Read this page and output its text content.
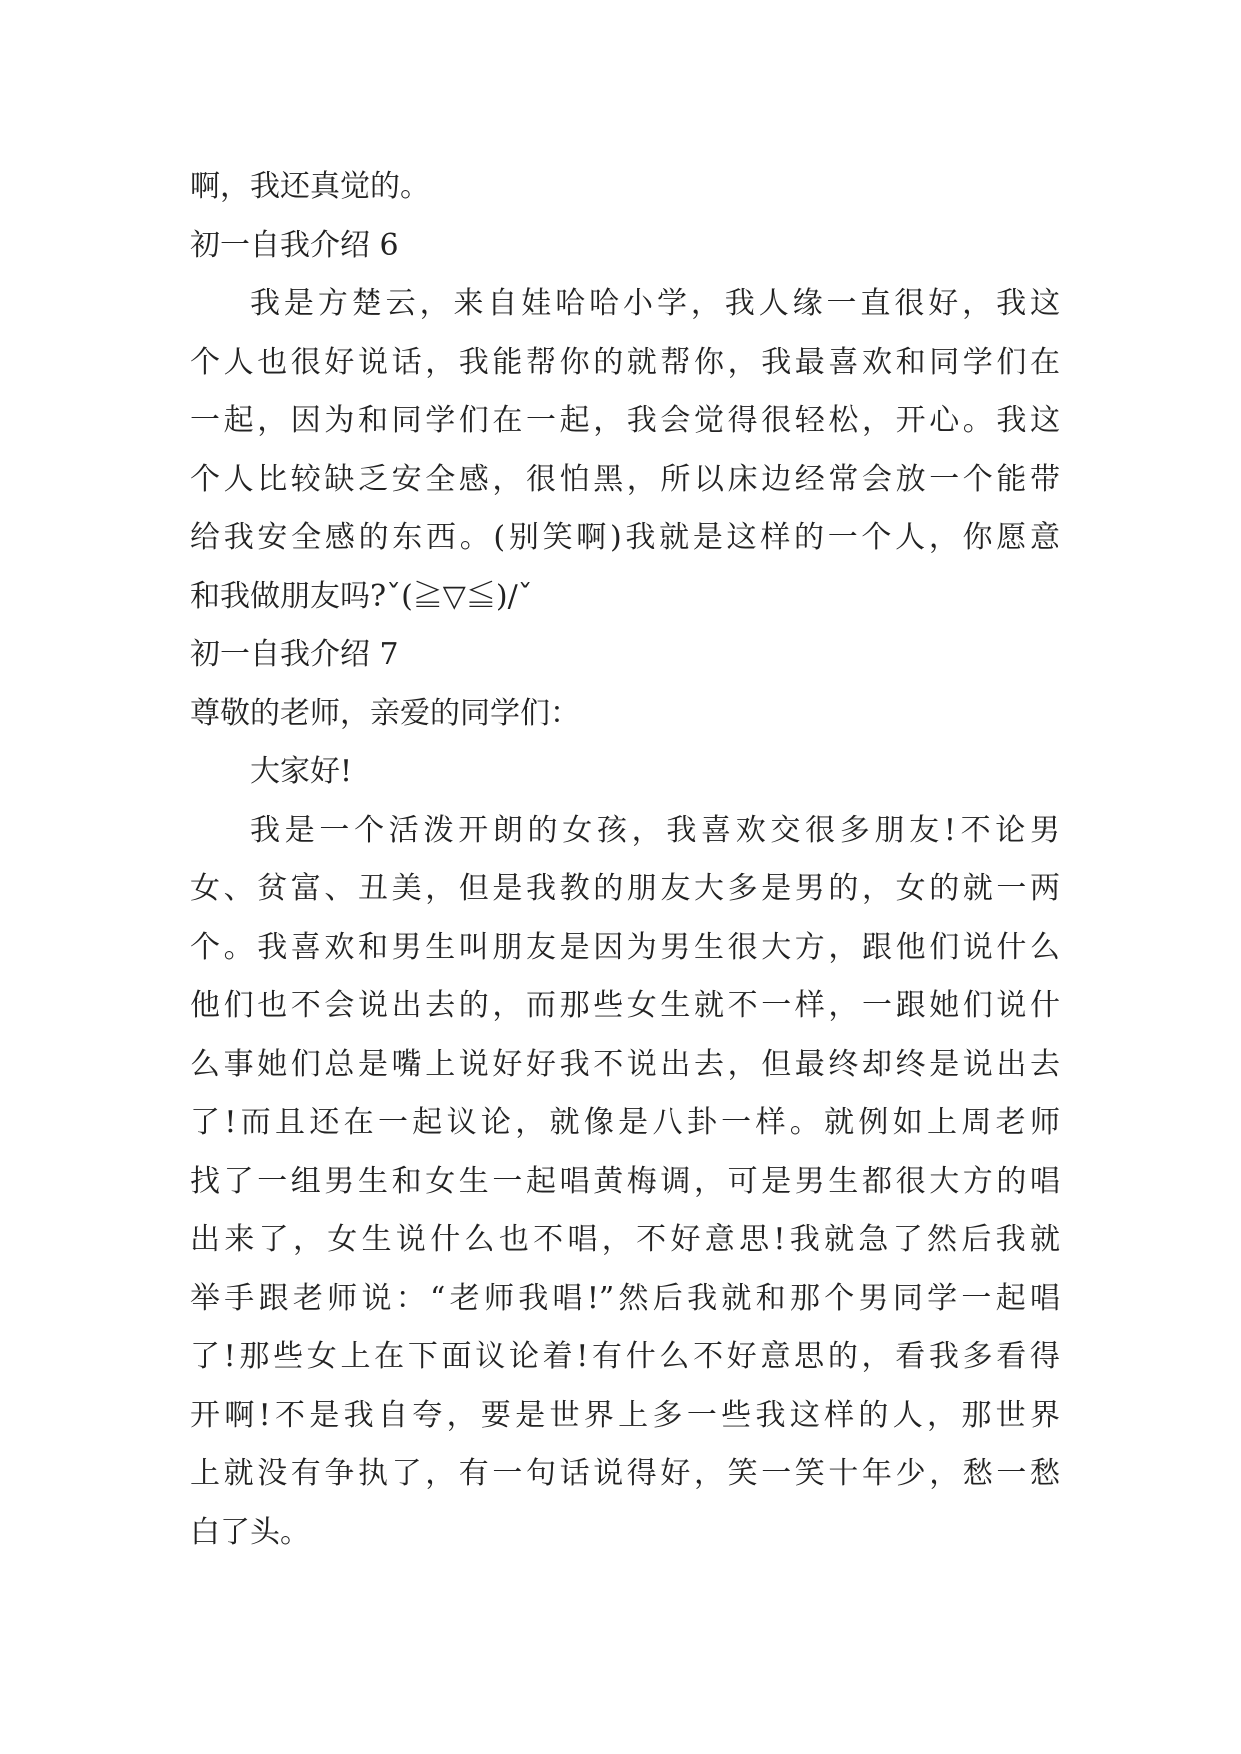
啊，我还真觉的。

初一自我介绍 6

我是方楚云，来自娃哈哈小学，我人缘一直很好，我这

个人也很好说话，我能帮你的就帮你，我最喜欢和同学们在

一起，因为和同学们在一起，我会觉得很轻松，开心。我这

个人比较缺乏安全感，很怕黑，所以床边经常会放一个能带

给我安全感的东西。(别笑啊)我就是这样的一个人，你愿意

和我做朋友吗?ˇ(≧▽≦)/ˇ

初一自我介绍 7

尊敬的老师，亲爱的同学们：

大家好!

我是一个活泼开朗的女孩，我喜欢交很多朋友!不论男

女、贫富、丑美，但是我教的朋友大多是男的，女的就一两

个。我喜欢和男生叫朋友是因为男生很大方，跟他们说什么

他们也不会说出去的，而那些女生就不一样，一跟她们说什

么事她们总是嘴上说好好我不说出去，但最终却终是说出去

了!而且还在一起议论，就像是八卦一样。就例如上周老师

找了一组男生和女生一起唱黄梅调，可是男生都很大方的唱

出来了，女生说什么也不唱，不好意思!我就急了然后我就

举手跟老师说：“老师我唱!”然后我就和那个男同学一起唱

了!那些女上在下面议论着!有什么不好意思的，看我多看得

开啊!不是我自夸，要是世界上多一些我这样的人，那世界

上就没有争执了，有一句话说得好，笑一笑十年少，愁一愁

白了头。
